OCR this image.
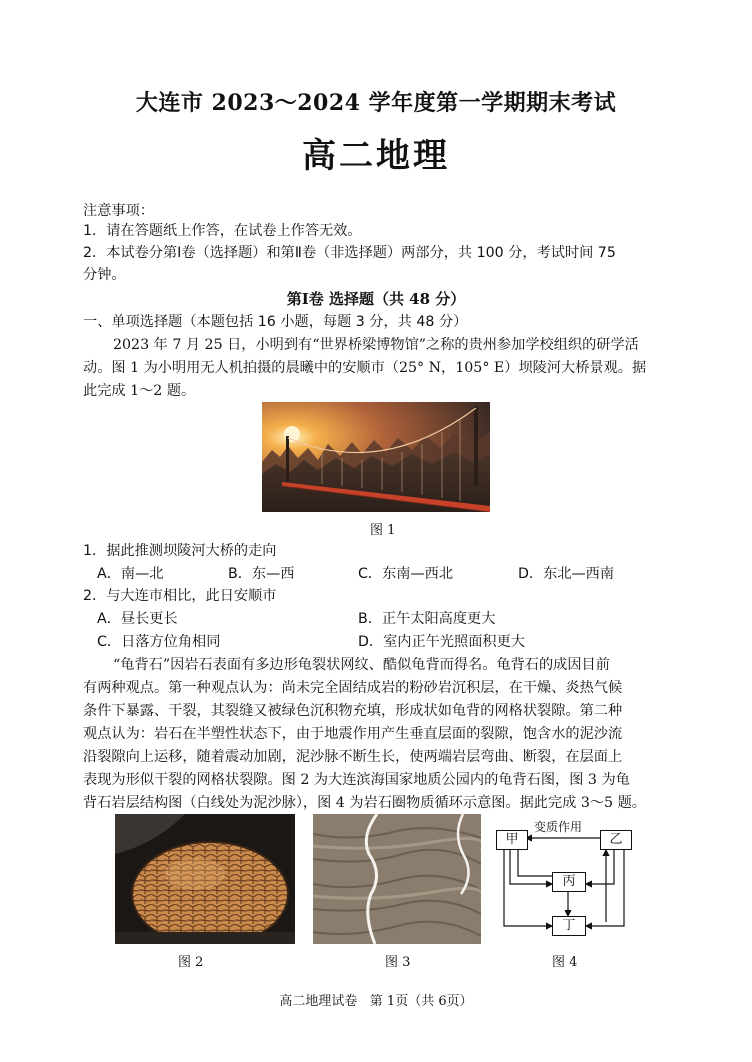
大连市 2023～2024 学年度第一学期期末考试
高二地理
注意事项：
1．请在答题纸上作答，在试卷上作答无效。
2．本试卷分第Ⅰ卷（选择题）和第Ⅱ卷（非选择题）两部分，共 100 分，考试时间 75
分钟。
第Ⅰ卷 选择题（共 48 分）
一、单项选择题（本题包括 16 小题，每题 3 分，共 48 分）
2023 年 7 月 25 日，小明到有“世界桥梁博物馆”之称的贵州参加学校组织的研学活
动。图 1 为小明用无人机拍摄的晨曦中的安顺市（25° N，105° E）坝陵河大桥景观。据
此完成 1～2 题。
图 1
1．据此推测坝陵河大桥的走向
A．南—北	B．东—西	C．东南—西北	D．东北—西南
2．与大连市相比，此日安顺市
A．昼长更长	B．正午太阳高度更大
C．日落方位角相同	D．室内正午光照面积更大
“龟背石”因岩石表面有多边形龟裂状网纹、酷似龟背而得名。龟背石的成因目前
有两种观点。第一种观点认为：尚未完全固结成岩的粉砂岩沉积层，在干燥、炎热气候
条件下暴露、干裂，其裂缝又被绿色沉积物充填，形成状如龟背的网格状裂隙。第二种
观点认为：岩石在半塑性状态下，由于地震作用产生垂直层面的裂隙，饱含水的泥沙流
沿裂隙向上运移，随着震动加剧，泥沙脉不断生长，使两端岩层弯曲、断裂，在层面上
表现为形似干裂的网格状裂隙。图 2 为大连滨海国家地质公园内的龟背石图，图 3 为龟
背石岩层结构图（白线处为泥沙脉），图 4 为岩石圈物质循环示意图。据此完成 3～5 题。
图 2	图 3
变质作用
甲	乙
丙
丁
图 4
高二地理试卷   第 1页（共 6页）
